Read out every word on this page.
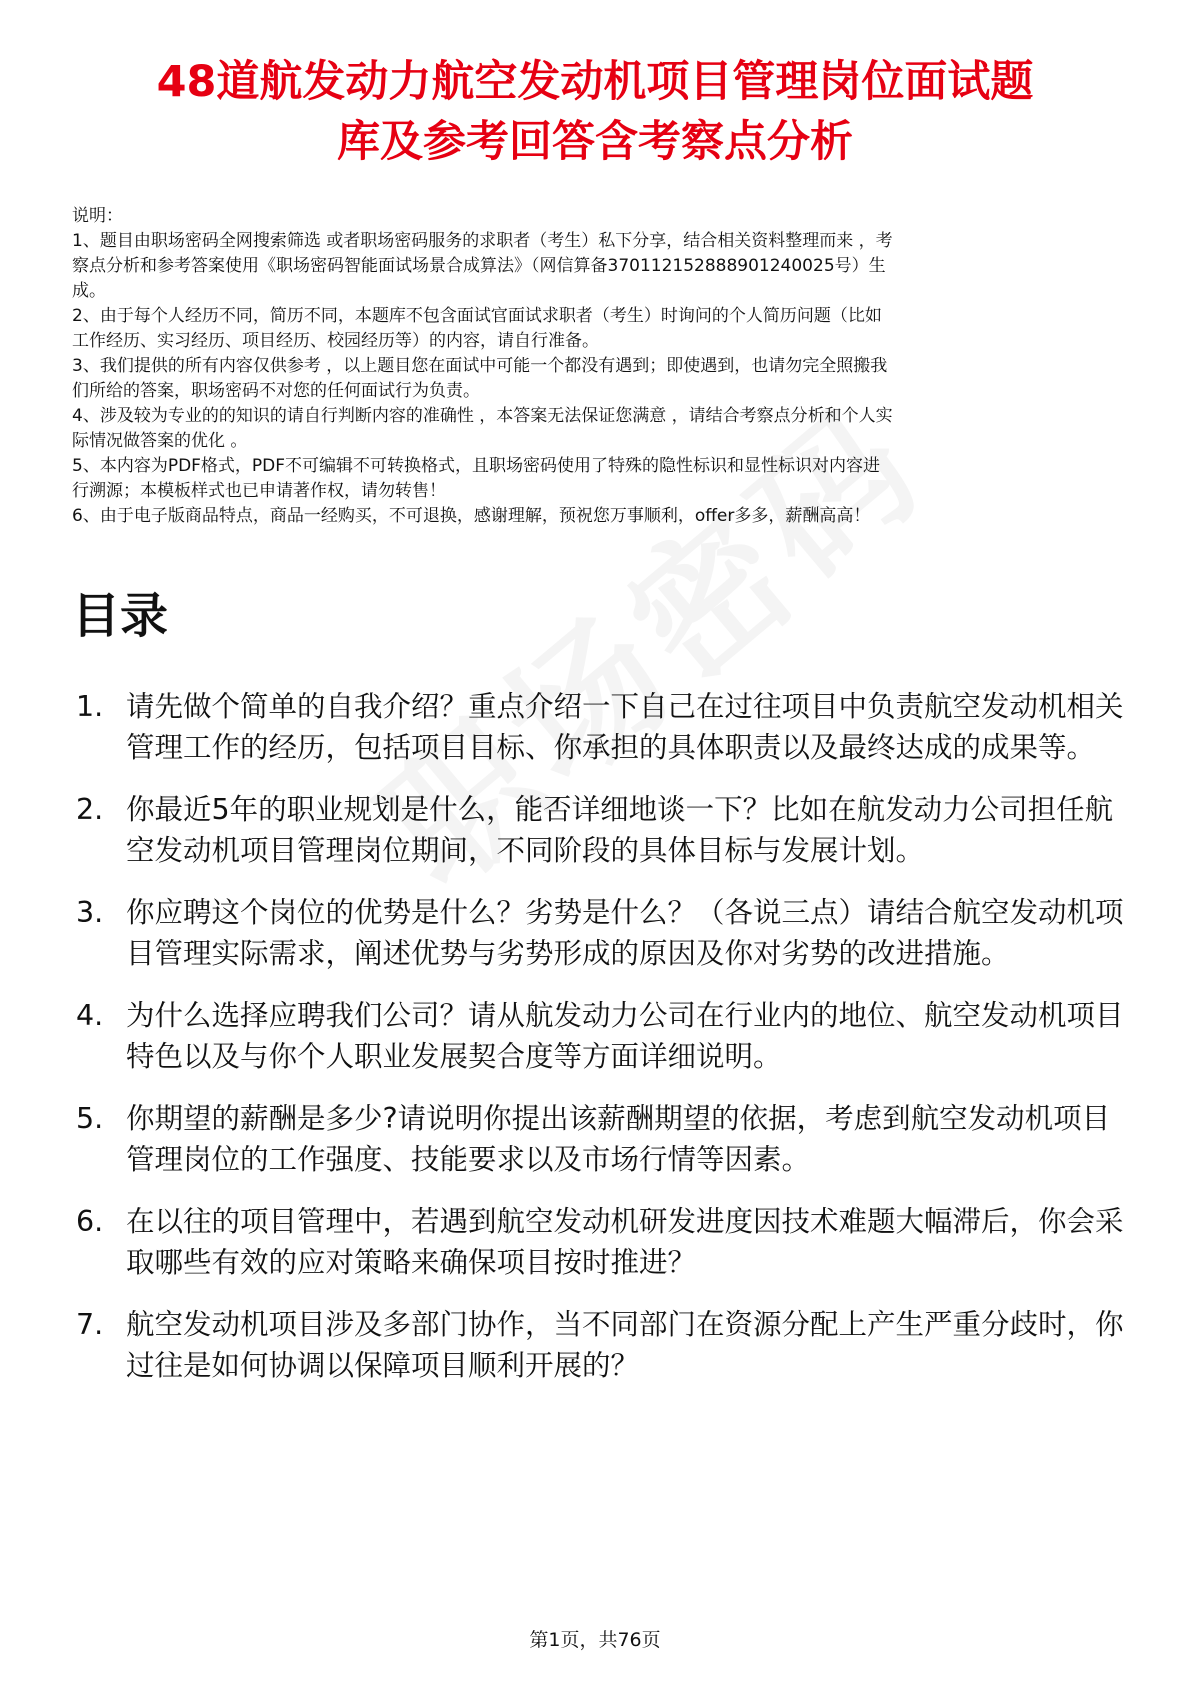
48道航发动力航空发动机项目管理岗位面试题
库及参考回答含考察点分析

说明：

1、题目由职场密码全网搜索筛选 或者职场密码服务的求职者（考生）私下分享，结合相关资料整理而来 ，考

察点分析和参考答案使用《职场密码智能面试场景合成算法》（网信算备370112152888901240025号）生

成。

2、由于每个人经历不同，简历不同，本题库不包含面试官面试求职者（考生）时询问的个人简历问题（比如

工作经历、实习经历、项目经历、校园经历等）的内容，请自行准备。

3、我们提供的所有内容仅供参考 ，以上题目您在面试中可能一个都没有遇到；即使遇到，也请勿完全照搬我

们所给的答案，职场密码不对您的任何面试行为负责。

4、涉及较为专业的的知识的请自行判断内容的准确性 ，本答案无法保证您满意 ，请结合考察点分析和个人实

际情况做答案的优化 。

5、本内容为PDF格式，PDF不可编辑不可转换格式，且职场密码使用了特殊的隐性标识和显性标识对内容进

行溯源；本模板样式也已申请著作权，请勿转售！

6、由于电子版商品特点，商品一经购买，不可退换，感谢理解，预祝您万事顺利，offer多多，薪酬高高！

目录
1. 请先做个简单的自我介绍？重点介绍一下自己在过往项目中负责航空发动机相关管理工作的经历，包括项目目标、你承担的具体职责以及最终达成的成果等。
2. 你最近5年的职业规划是什么，能否详细地谈一下？比如在航发动力公司担任航空发动机项目管理岗位期间，不同阶段的具体目标与发展计划。
3. 你应聘这个岗位的优势是什么？劣势是什么？（各说三点）请结合航空发动机项目管理实际需求，阐述优势与劣势形成的原因及你对劣势的改进措施。
4. 为什么选择应聘我们公司？请从航发动力公司在行业内的地位、航空发动机项目特色以及与你个人职业发展契合度等方面详细说明。
5. 你期望的薪酬是多少?请说明你提出该薪酬期望的依据，考虑到航空发动机项目管理岗位的工作强度、技能要求以及市场行情等因素。
6. 在以往的项目管理中，若遇到航空发动机研发进度因技术难题大幅滞后，你会采取哪些有效的应对策略来确保项目按时推进？
7. 航空发动机项目涉及多部门协作，当不同部门在资源分配上产生严重分歧时，你过往是如何协调以保障项目顺利开展的？
第1页，共76页
